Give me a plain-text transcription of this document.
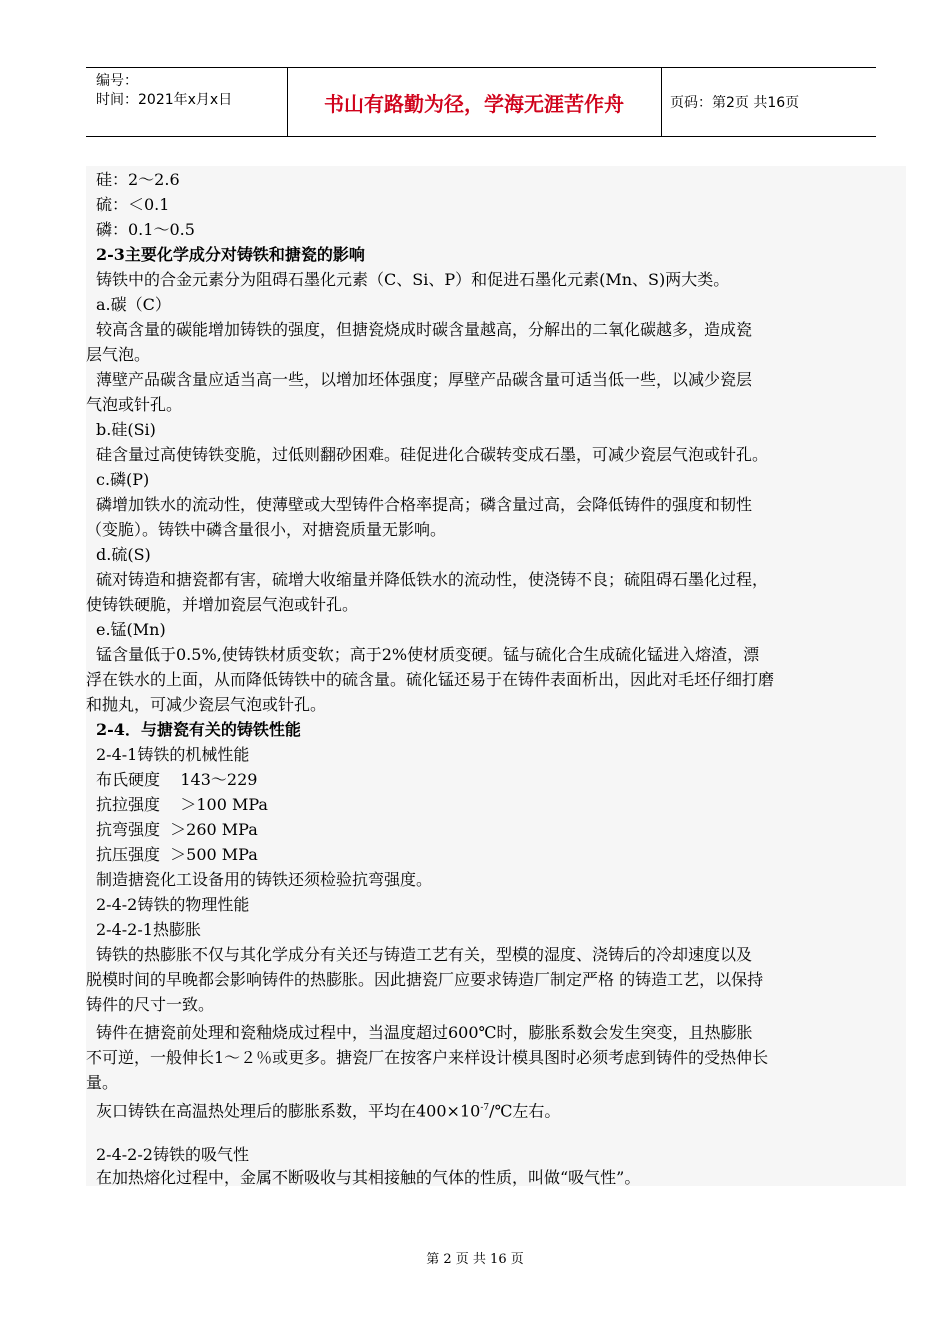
编号：
时间：2021年x月x日	书山有路勤为径，学海无涯苦作舟	页码：第2页 共16页
硅：2～2.6
硫：＜0.1
磷：0.1～0.5
2-3主要化学成分对铸铁和搪瓷的影响
铸铁中的合金元素分为阻碍石墨化元素（C、Si、P）和促进石墨化元素(Mn、S)两大类。
a.碳（C）
较高含量的碳能增加铸铁的强度，但搪瓷烧成时碳含量越高，分解出的二氧化碳越多，造成瓷
层气泡。
薄壁产品碳含量应适当高一些，以增加坯体强度；厚壁产品碳含量可适当低一些，以减少瓷层
气泡或针孔。
b.硅(Si)
硅含量过高使铸铁变脆，过低则翻砂困难。硅促进化合碳转变成石墨，可减少瓷层气泡或针孔。
c.磷(P)
磷增加铁水的流动性，使薄壁或大型铸件合格率提高；磷含量过高，会降低铸件的强度和韧性
（变脆）。铸铁中磷含量很小，对搪瓷质量无影响。
d.硫(S)
硫对铸造和搪瓷都有害，硫增大收缩量并降低铁水的流动性，使浇铸不良；硫阻碍石墨化过程，
使铸铁硬脆，并增加瓷层气泡或针孔。
e.锰(Mn)
锰含量低于0.5%,使铸铁材质变软；高于2%使材质变硬。锰与硫化合生成硫化锰进入熔渣，漂
浮在铁水的上面，从而降低铸铁中的硫含量。硫化锰还易于在铸件表面析出，因此对毛坯仔细打磨
和抛丸，可减少瓷层气泡或针孔。
2-4．与搪瓷有关的铸铁性能
2-4-1铸铁的机械性能
布氏硬度    143～229
抗拉强度    ＞100 MPa
抗弯强度  ＞260 MPa
抗压强度  ＞500 MPa
制造搪瓷化工设备用的铸铁还须检验抗弯强度。
2-4-2铸铁的物理性能
2-4-2-1热膨胀
铸铁的热膨胀不仅与其化学成分有关还与铸造工艺有关，型模的湿度、浇铸后的冷却速度以及
脱模时间的早晚都会影响铸件的热膨胀。因此搪瓷厂应要求铸造厂制定严格 的铸造工艺，以保持
铸件的尺寸一致。
铸件在搪瓷前处理和瓷釉烧成过程中，当温度超过600℃时，膨胀系数会发生突变，且热膨胀
不可逆，一般伸长1～２％或更多。搪瓷厂在按客户来样设计模具图时必须考虑到铸件的受热伸长
量。
灰口铸铁在高温热处理后的膨胀系数，平均在$400\times 10^{-7}/℃$左右。
2-4-2-2铸铁的吸气性
在加热熔化过程中，金属不断吸收与其相接触的气体的性质，叫做“吸气性”。
第 2 页 共 16 页
